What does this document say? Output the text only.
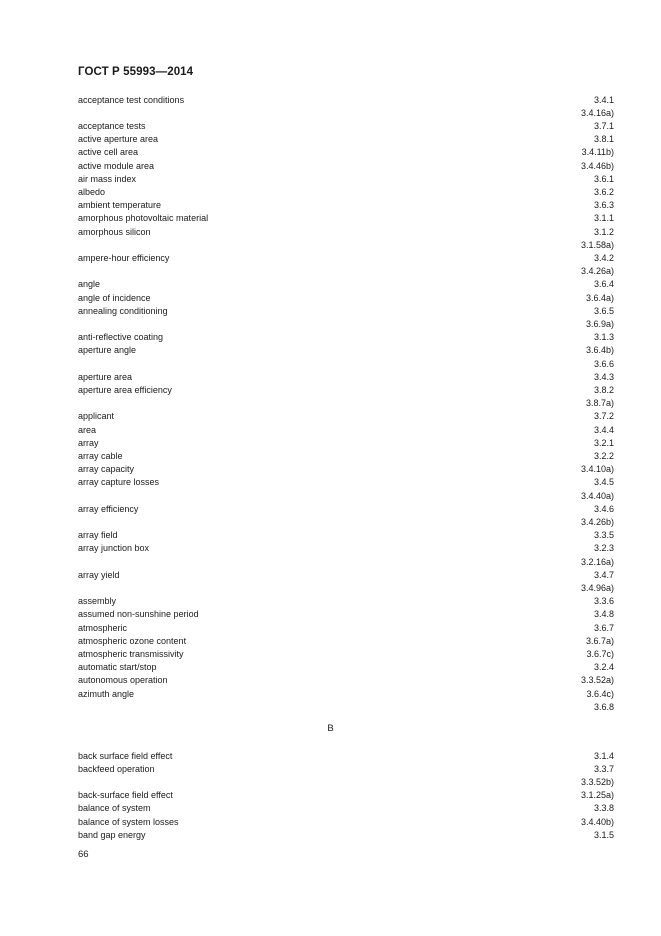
ГОСТ Р 55993—2014
acceptance test conditions	3.4.1
3.4.16a)
acceptance tests	3.7.1
active aperture area	3.8.1
active cell area	3.4.11b)
active module area	3.4.46b)
air mass index	3.6.1
albedo	3.6.2
ambient temperature	3.6.3
amorphous photovoltaic material	3.1.1
amorphous silicon	3.1.2
3.1.58a)
ampere-hour efficiency	3.4.2
3.4.26a)
angle	3.6.4
angle of incidence	3.6.4a)
annealing conditioning	3.6.5
3.6.9a)
anti-reflective coating	3.1.3
aperture angle	3.6.4b)
3.6.6
aperture area	3.4.3
aperture area efficiency	3.8.2
3.8.7a)
applicant	3.7.2
area	3.4.4
array	3.2.1
array cable	3.2.2
array capacity	3.4.10a)
array capture losses	3.4.5
3.4.40a)
array efficiency	3.4.6
3.4.26b)
array field	3.3.5
array junction box	3.2.3
3.2.16a)
array yield	3.4.7
3.4.96a)
assembly	3.3.6
assumed non-sunshine period	3.4.8
atmospheric	3.6.7
atmospheric ozone content	3.6.7a)
atmospheric transmissivity	3.6.7c)
automatic start/stop	3.2.4
autonomous operation	3.3.52a)
azimuth angle	3.6.4c)
3.6.8
B
back surface field effect	3.1.4
backfeed operation	3.3.7
3.3.52b)
back-surface field effect	3.1.25a)
balance of system	3.3.8
balance of system losses	3.4.40b)
band gap energy	3.1.5
66
